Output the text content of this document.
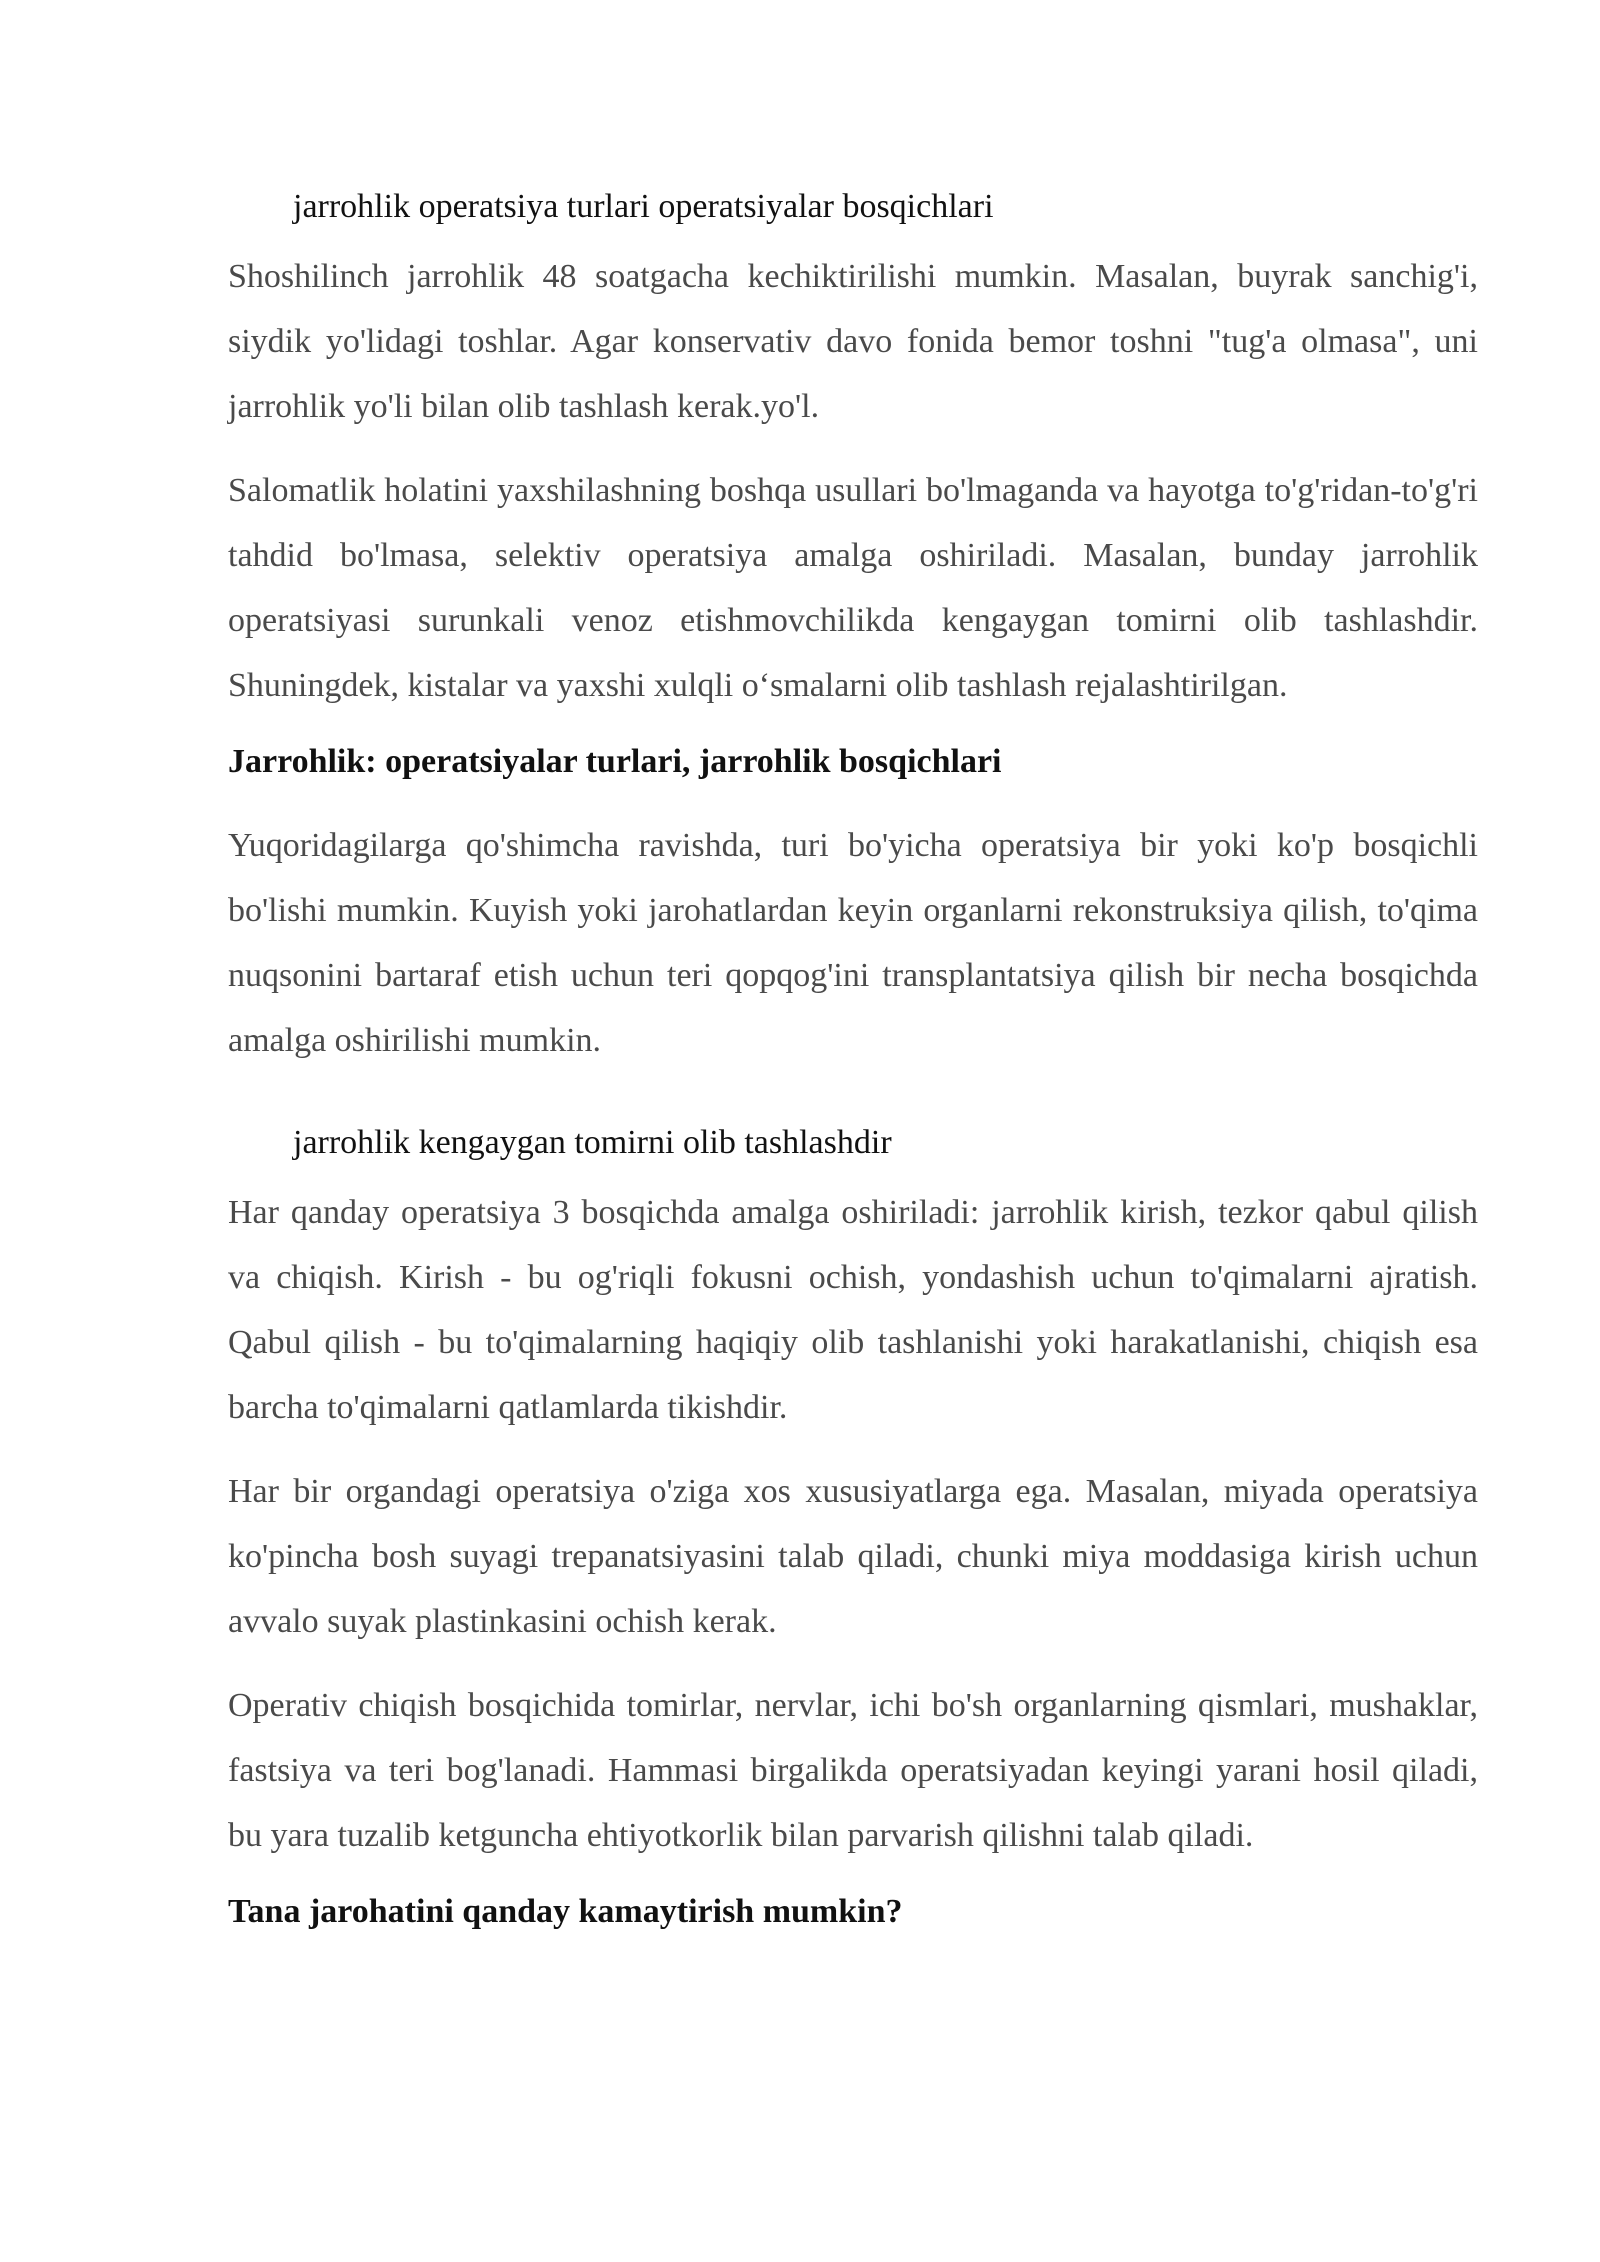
jarrohlik operatsiya turlari operatsiyalar bosqichlari

Shoshilinch jarrohlik 48 soatgacha kechiktirilishi mumkin. Masalan, buyrak sanchig'i, siydik yo'lidagi toshlar. Agar konservativ davo fonida bemor toshni "tug'a olmasa", uni jarrohlik yo'li bilan olib tashlash kerak.yo'l.

Salomatlik holatini yaxshilashning boshqa usullari bo'lmaganda va hayotga to'g'ridan-to'g'ri tahdid bo'lmasa, selektiv operatsiya amalga oshiriladi. Masalan, bunday jarrohlik operatsiyasi surunkali venoz etishmovchilikda kengaygan tomirni olib tashlashdir. Shuningdek, kistalar va yaxshi xulqli o‘smalarni olib tashlash rejalashtirilgan.

Jarrohlik: operatsiyalar turlari, jarrohlik bosqichlari

Yuqoridagilarga qo'shimcha ravishda, turi bo'yicha operatsiya bir yoki ko'p bosqichli bo'lishi mumkin. Kuyish yoki jarohatlardan keyin organlarni rekonstruksiya qilish, to'qima nuqsonini bartaraf etish uchun teri qopqog'ini transplantatsiya qilish bir necha bosqichda amalga oshirilishi mumkin.

jarrohlik kengaygan tomirni olib tashlashdir

Har qanday operatsiya 3 bosqichda amalga oshiriladi: jarrohlik kirish, tezkor qabul qilish va chiqish. Kirish - bu og'riqli fokusni ochish, yondashish uchun to'qimalarni ajratish. Qabul qilish - bu to'qimalarning haqiqiy olib tashlanishi yoki harakatlanishi, chiqish esa barcha to'qimalarni qatlamlarda tikishdir.

Har bir organdagi operatsiya o'ziga xos xususiyatlarga ega. Masalan, miyada operatsiya ko'pincha bosh suyagi trepanatsiyasini talab qiladi, chunki miya moddasiga kirish uchun avvalo suyak plastinkasini ochish kerak.

Operativ chiqish bosqichida tomirlar, nervlar, ichi bo'sh organlarning qismlari, mushaklar, fastsiya va teri bog'lanadi. Hammasi birgalikda operatsiyadan keyingi yarani hosil qiladi, bu yara tuzalib ketguncha ehtiyotkorlik bilan parvarish qilishni talab qiladi.

Tana jarohatini qanday kamaytirish mumkin?
